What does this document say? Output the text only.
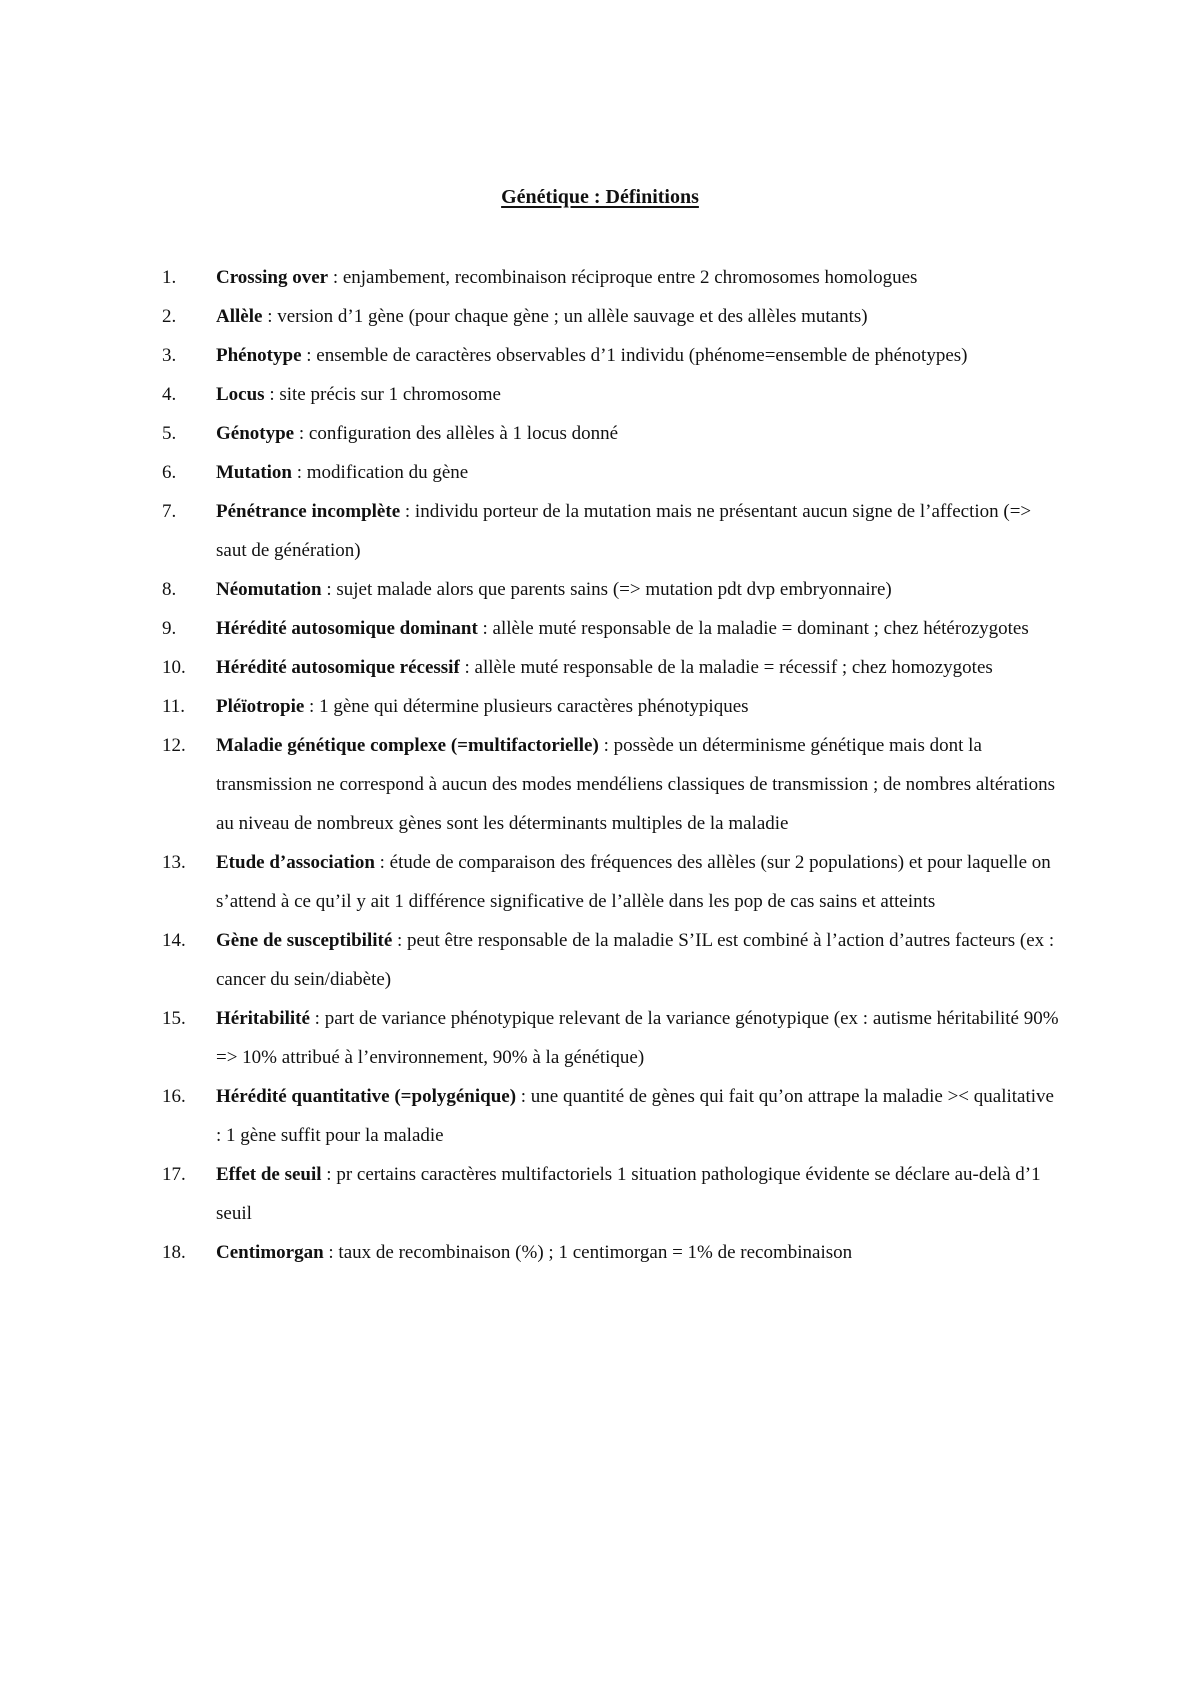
Génétique : Définitions
1.	Crossing over : enjambement, recombinaison réciproque entre 2 chromosomes homologues
2.	Allèle : version d’1 gène (pour chaque gène ; un allèle sauvage et des allèles mutants)
3.	Phénotype : ensemble de caractères observables d’1 individu (phénome=ensemble de phénotypes)
4.	Locus : site précis sur 1 chromosome
5.	Génotype : configuration des allèles à 1 locus donné
6.	Mutation : modification du gène
7.	Pénétrance incomplète : individu porteur de la mutation mais ne présentant aucun signe de l’affection (=> saut de génération)
8.	Néomutation : sujet malade alors que parents sains (=> mutation pdt dvp embryonnaire)
9.	Hérédité autosomique dominant : allèle muté responsable de la maladie = dominant ; chez hétérozygotes
10.	Hérédité autosomique récessif : allèle muté responsable de la maladie = récessif ; chez homozygotes
11.	Pléïotropie : 1 gène qui détermine plusieurs caractères phénotypiques
12.	Maladie génétique complexe (=multifactorielle) : possède un déterminisme génétique mais dont la transmission ne correspond à aucun des modes mendéliens classiques de transmission ; de nombres altérations au niveau de nombreux gènes sont les déterminants multiples de la maladie
13.	Etude d’association : étude de comparaison des fréquences des allèles (sur 2 populations) et pour laquelle on s’attend à ce qu’il y ait 1 différence significative de l’allèle dans les pop de cas sains et atteints
14.	Gène de susceptibilité : peut être responsable de la maladie S’IL est combiné à l’action d’autres facteurs (ex : cancer du sein/diabète)
15.	Héritabilité : part de variance phénotypique relevant de la variance génotypique (ex : autisme héritabilité 90% => 10% attribué à l’environnement, 90% à la génétique)
16.	Hérédité quantitative (=polygénique) : une quantité de gènes qui fait qu’on attrape la maladie >< qualitative : 1 gène suffit pour la maladie
17.	Effet de seuil : pr certains caractères multifactoriels 1 situation pathologique évidente se déclare au-delà d’1 seuil
18.	Centimorgan : taux de recombinaison (%) ; 1 centimorgan = 1% de recombinaison
